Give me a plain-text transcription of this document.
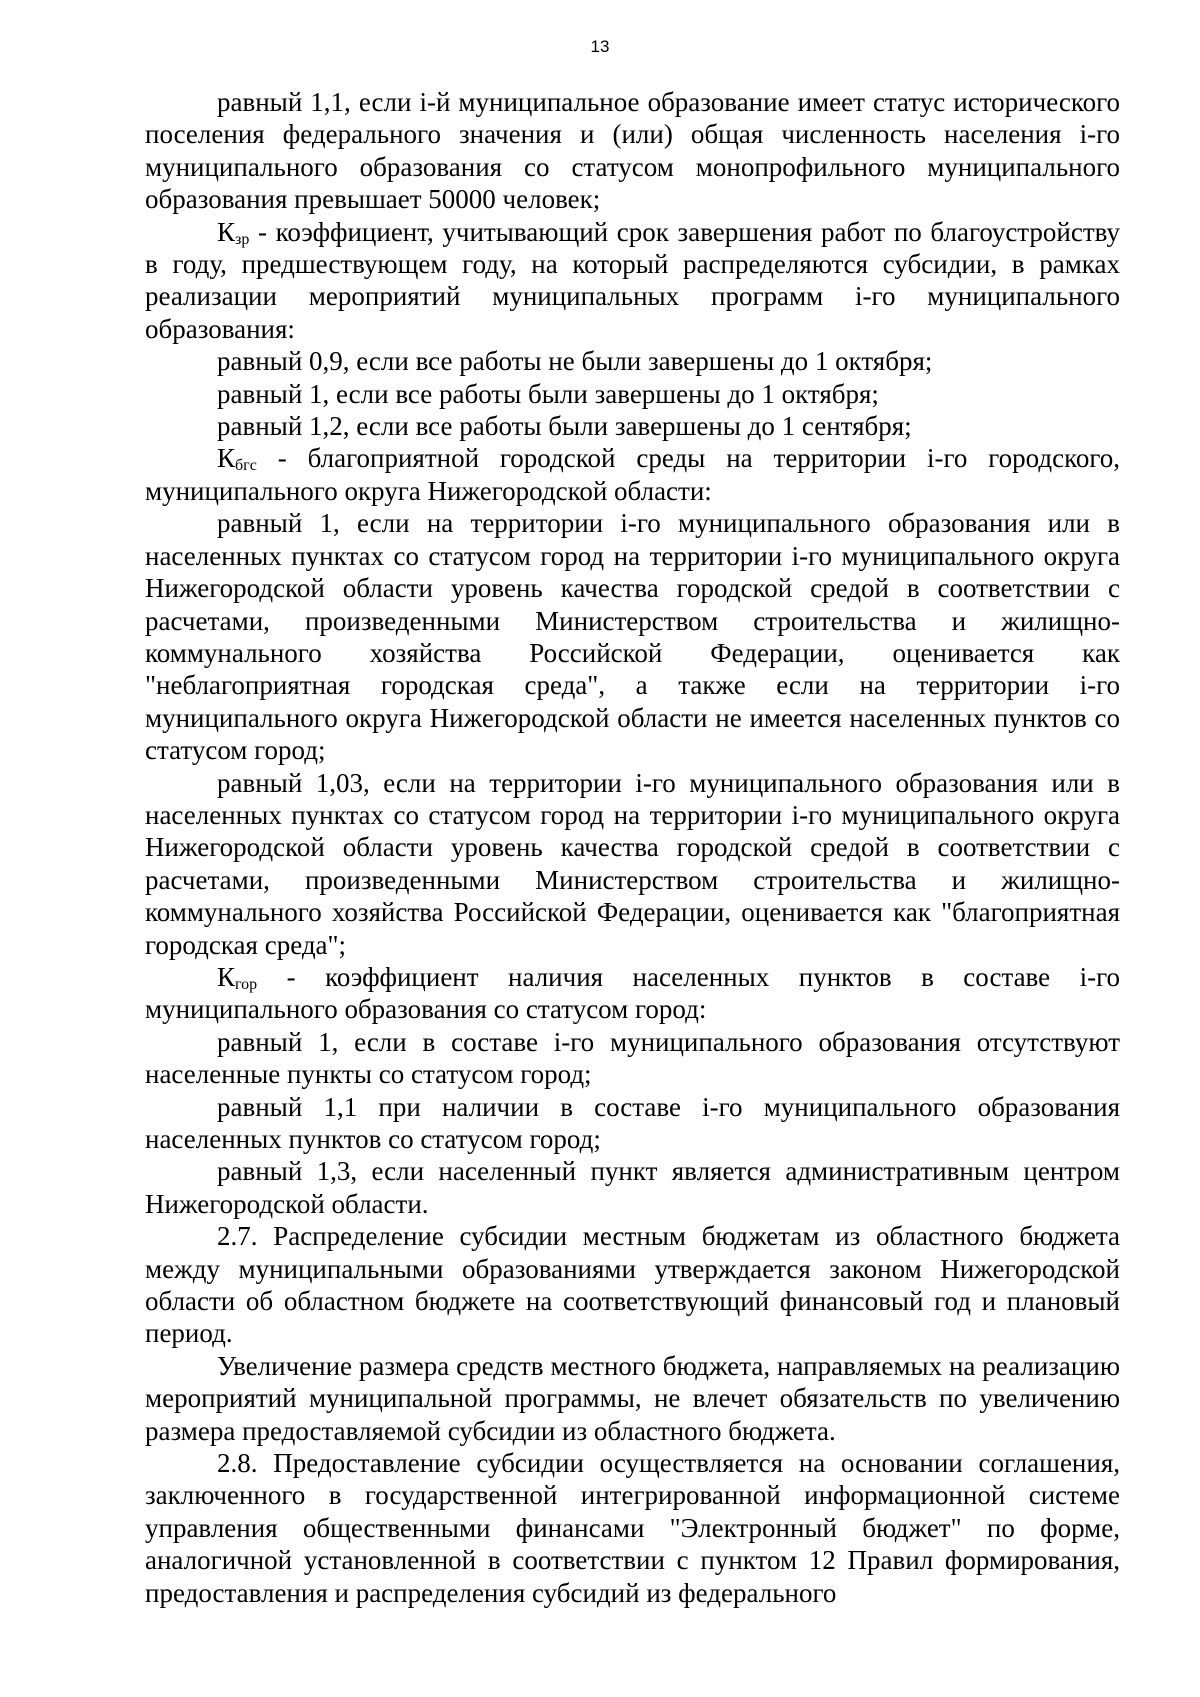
13

равный 1,1, если i-й муниципальное образование имеет статус исторического поселения федерального значения и (или) общая численность населения i-го муниципального образования со статусом монопрофильного муниципального образования превышает 50000 человек;

Кзр - коэффициент, учитывающий срок завершения работ по благоустройству в году, предшествующем году, на который распределяются субсидии, в рамках реализации мероприятий муниципальных программ i-го муниципального образования:

равный 0,9, если все работы не были завершены до 1 октября;

равный 1, если все работы были завершены до 1 октября;

равный 1,2, если все работы были завершены до 1 сентября;

Кбгс - благоприятной городской среды на территории i-го городского, муниципального округа Нижегородской области:

равный 1, если на территории i-го муниципального образования или в населенных пунктах со статусом город на территории i-го муниципального округа Нижегородской области уровень качества городской средой в соответствии с расчетами, произведенными Министерством строительства и жилищно-коммунального хозяйства Российской Федерации, оценивается как "неблагоприятная городская среда", а также если на территории i-го муниципального округа Нижегородской области не имеется населенных пунктов со статусом город;

равный 1,03, если на территории i-го муниципального образования или в населенных пунктах со статусом город на территории i-го муниципального округа Нижегородской области уровень качества городской средой в соответствии с расчетами, произведенными Министерством строительства и жилищно-коммунального хозяйства Российской Федерации, оценивается как "благоприятная городская среда";

Кгор - коэффициент наличия населенных пунктов в составе i-го муниципального образования со статусом город:

равный 1, если в составе i-го муниципального образования отсутствуют населенные пункты со статусом город;

равный 1,1 при наличии в составе i-го муниципального образования населенных пунктов со статусом город;

равный 1,3, если населенный пункт является административным центром Нижегородской области.

2.7. Распределение субсидии местным бюджетам из областного бюджета между муниципальными образованиями утверждается законом Нижегородской области об областном бюджете на соответствующий финансовый год и плановый период.

Увеличение размера средств местного бюджета, направляемых на реализацию мероприятий муниципальной программы, не влечет обязательств по увеличению размера предоставляемой субсидии из областного бюджета.

2.8. Предоставление субсидии осуществляется на основании соглашения, заключенного в государственной интегрированной информационной системе управления общественными финансами "Электронный бюджет" по форме, аналогичной установленной в соответствии с пунктом 12 Правил формирования, предоставления и распределения субсидий из федерального
